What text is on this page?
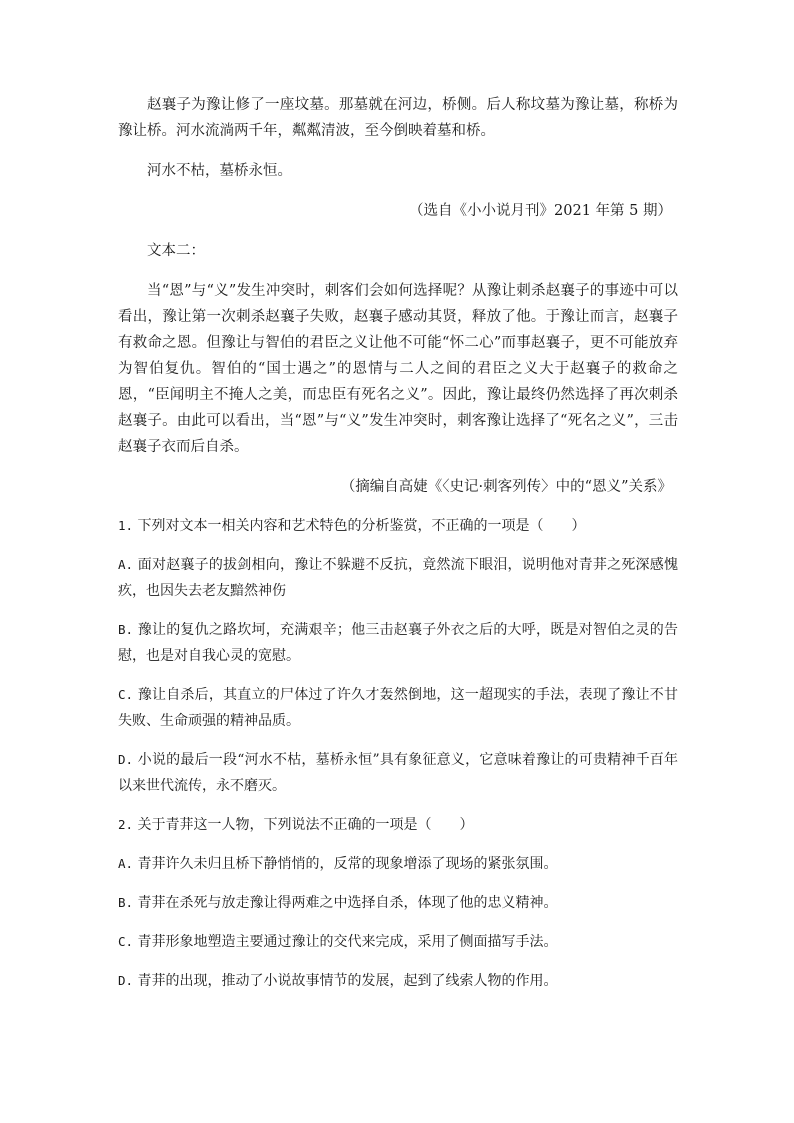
赵襄子为豫让修了一座坟墓。那墓就在河边，桥侧。后人称坟墓为豫让墓，称桥为豫让桥。河水流淌两千年，粼粼清波，至今倒映着墓和桥。

河水不枯，墓桥永恒。

（选自《小小说月刊》2021 年第 5 期）

文本二：

当“恩”与“义”发生冲突时，刺客们会如何选择呢？从豫让刺杀赵襄子的事迹中可以看出，豫让第一次刺杀赵襄子失败，赵襄子感动其贤，释放了他。于豫让而言，赵襄子有救命之恩。但豫让与智伯的君臣之义让他不可能“怀二心”而事赵襄子，更不可能放弃为智伯复仇。智伯的“国士遇之”的恩情与二人之间的君臣之义大于赵襄子的救命之恩，“臣闻明主不掩人之美，而忠臣有死名之义”。因此，豫让最终仍然选择了再次刺杀赵襄子。由此可以看出，当“恩”与“义”发生冲突时，刺客豫让选择了“死名之义”，三击赵襄子衣而后自杀。

（摘编自高婕《〈史记·刺客列传〉中的“恩义”关系》

1. 下列对文本一相关内容和艺术特色的分析鉴赏，不正确的一项是（　　）

A. 面对赵襄子的拔剑相向，豫让不躲避不反抗，竟然流下眼泪，说明他对青荓之死深感愧疚，也因失去老友黯然神伤

B. 豫让的复仇之路坎坷，充满艰辛；他三击赵襄子外衣之后的大呼，既是对智伯之灵的告慰，也是对自我心灵的宽慰。

C. 豫让自杀后，其直立的尸体过了许久才轰然倒地，这一超现实的手法，表现了豫让不甘失败、生命顽强的精神品质。

D. 小说的最后一段“河水不枯，墓桥永恒”具有象征意义，它意味着豫让的可贵精神千百年以来世代流传，永不磨灭。

2. 关于青荓这一人物，下列说法不正确的一项是（　　）

A. 青荓许久未归且桥下静悄悄的，反常的现象增添了现场的紧张氛围。

B. 青荓在杀死与放走豫让得两难之中选择自杀，体现了他的忠义精神。

C. 青荓形象地塑造主要通过豫让的交代来完成，采用了侧面描写手法。

D. 青荓的出现，推动了小说故事情节的发展，起到了线索人物的作用。
